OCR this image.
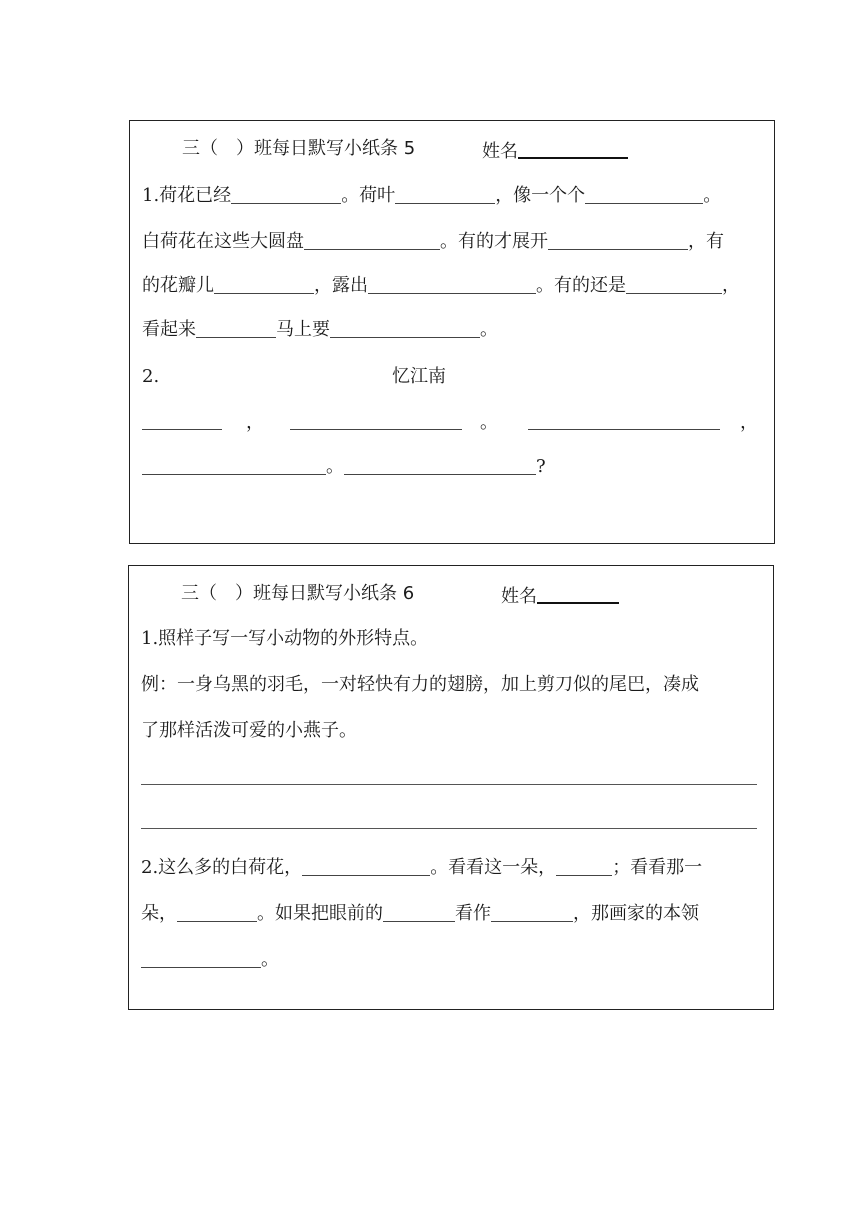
三（　）班每日默写小纸条 5	姓名
1.荷花已经	。荷叶	，像一个个	。
白荷花在这些大圆盘	。有的才展开	，有
的花瓣儿	，露出	。有的还是	，
看起来	马上要	。
2.	忆江南
，	。	，
。	?
三（　）班每日默写小纸条 6	姓名
1.照样子写一写小动物的外形特点。
例：一身乌黑的羽毛，一对轻快有力的翅膀，加上剪刀似的尾巴，凑成
了那样活泼可爱的小燕子。
2.这么多的白荷花，	。看看这一朵，	；看看那一
朵，	。如果把眼前的	看作	，那画家的本领
。
